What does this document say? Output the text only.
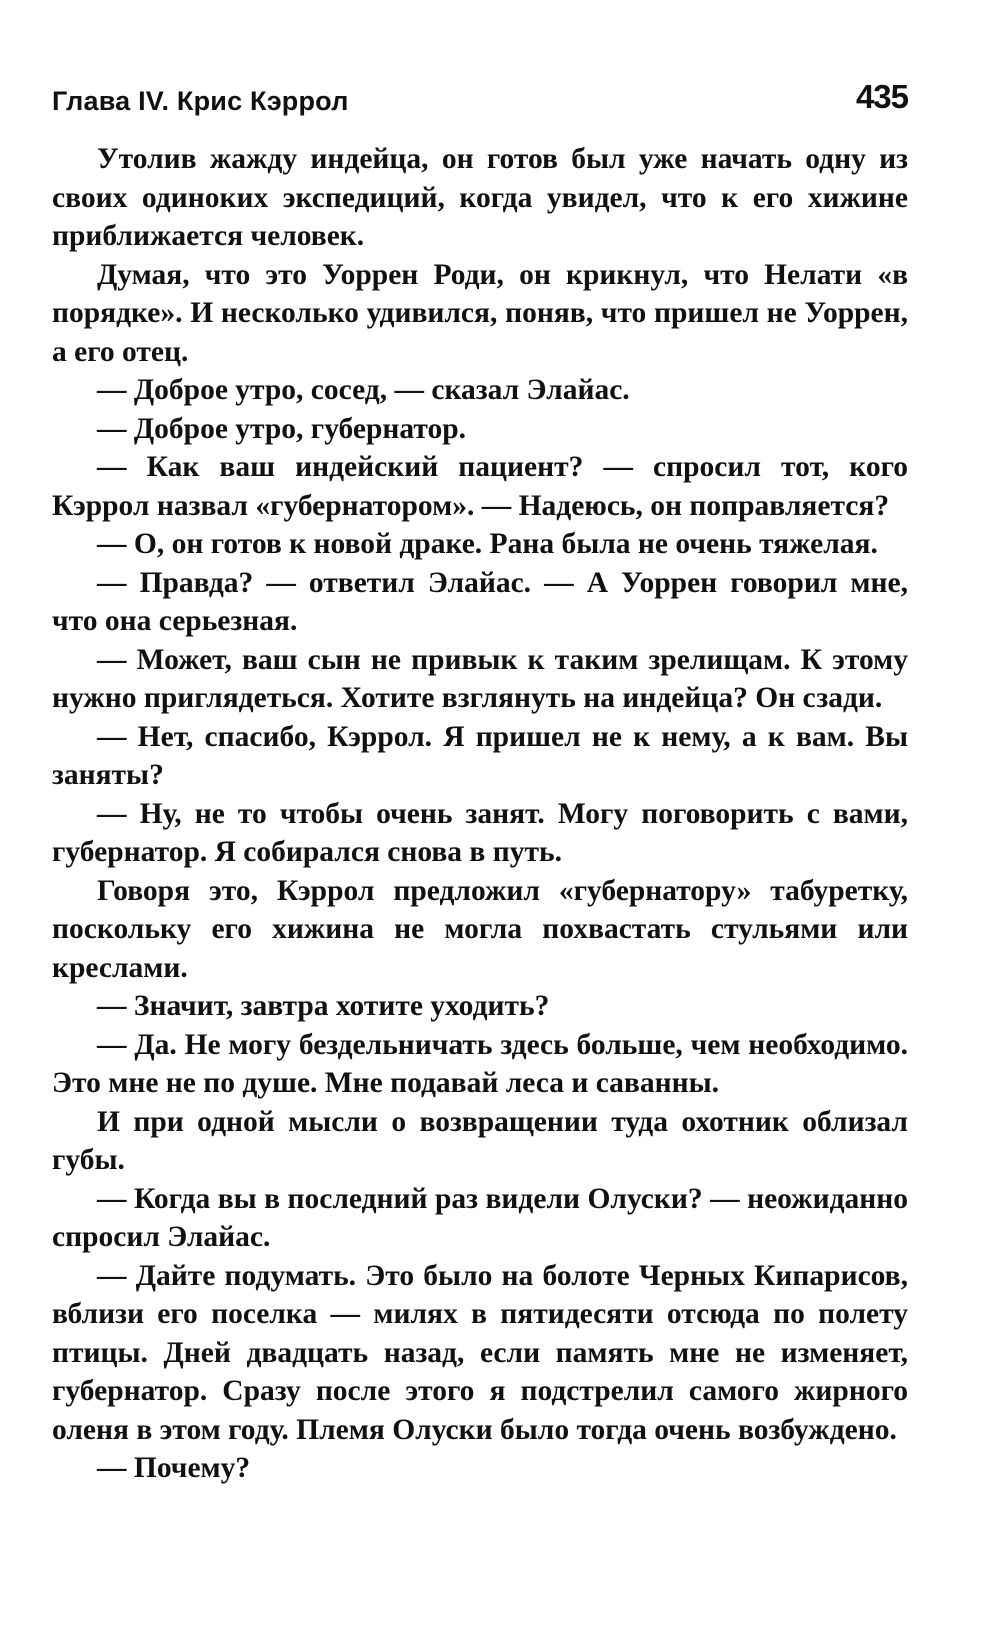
Глава IV. Крис Кэррол	435

Утолив жажду индейца, он готов был уже начать одну из своих одиноких экспедиций, когда увидел, что к его хижине приближается человек.

Думая, что это Уоррен Роди, он крикнул, что Нелати «в порядке». И несколько удивился, поняв, что пришел не Уоррен, а его отец.

— Доброе утро, сосед, — сказал Элайас.

— Доброе утро, губернатор.

— Как ваш индейский пациент? — спросил тот, кого Кэррол назвал «губернатором». — Надеюсь, он поправляется?

— О, он готов к новой драке. Рана была не очень тяжелая.

— Правда? — ответил Элайас. — А Уоррен говорил мне, что она серьезная.

— Может, ваш сын не привык к таким зрелищам. К этому нужно приглядеться. Хотите взглянуть на индейца? Он сзади.

— Нет, спасибо, Кэррол. Я пришел не к нему, а к вам. Вы заняты?

— Ну, не то чтобы очень занят. Могу поговорить с вами, губернатор. Я собирался снова в путь.

Говоря это, Кэррол предложил «губернатору» табуретку, поскольку его хижина не могла похвастать стульями или креслами.

— Значит, завтра хотите уходить?

— Да. Не могу бездельничать здесь больше, чем необходимо. Это мне не по душе. Мне подавай леса и саванны.

И при одной мысли о возвращении туда охотник облизал губы.

— Когда вы в последний раз видели Олуски? — неожиданно спросил Элайас.

— Дайте подумать. Это было на болоте Черных Кипарисов, вблизи его поселка — милях в пятидесяти отсюда по полету птицы. Дней двадцать назад, если память мне не изменяет, губернатор. Сразу после этого я подстрелил самого жирного оленя в этом году. Племя Олуски было тогда очень возбуждено.

— Почему?
